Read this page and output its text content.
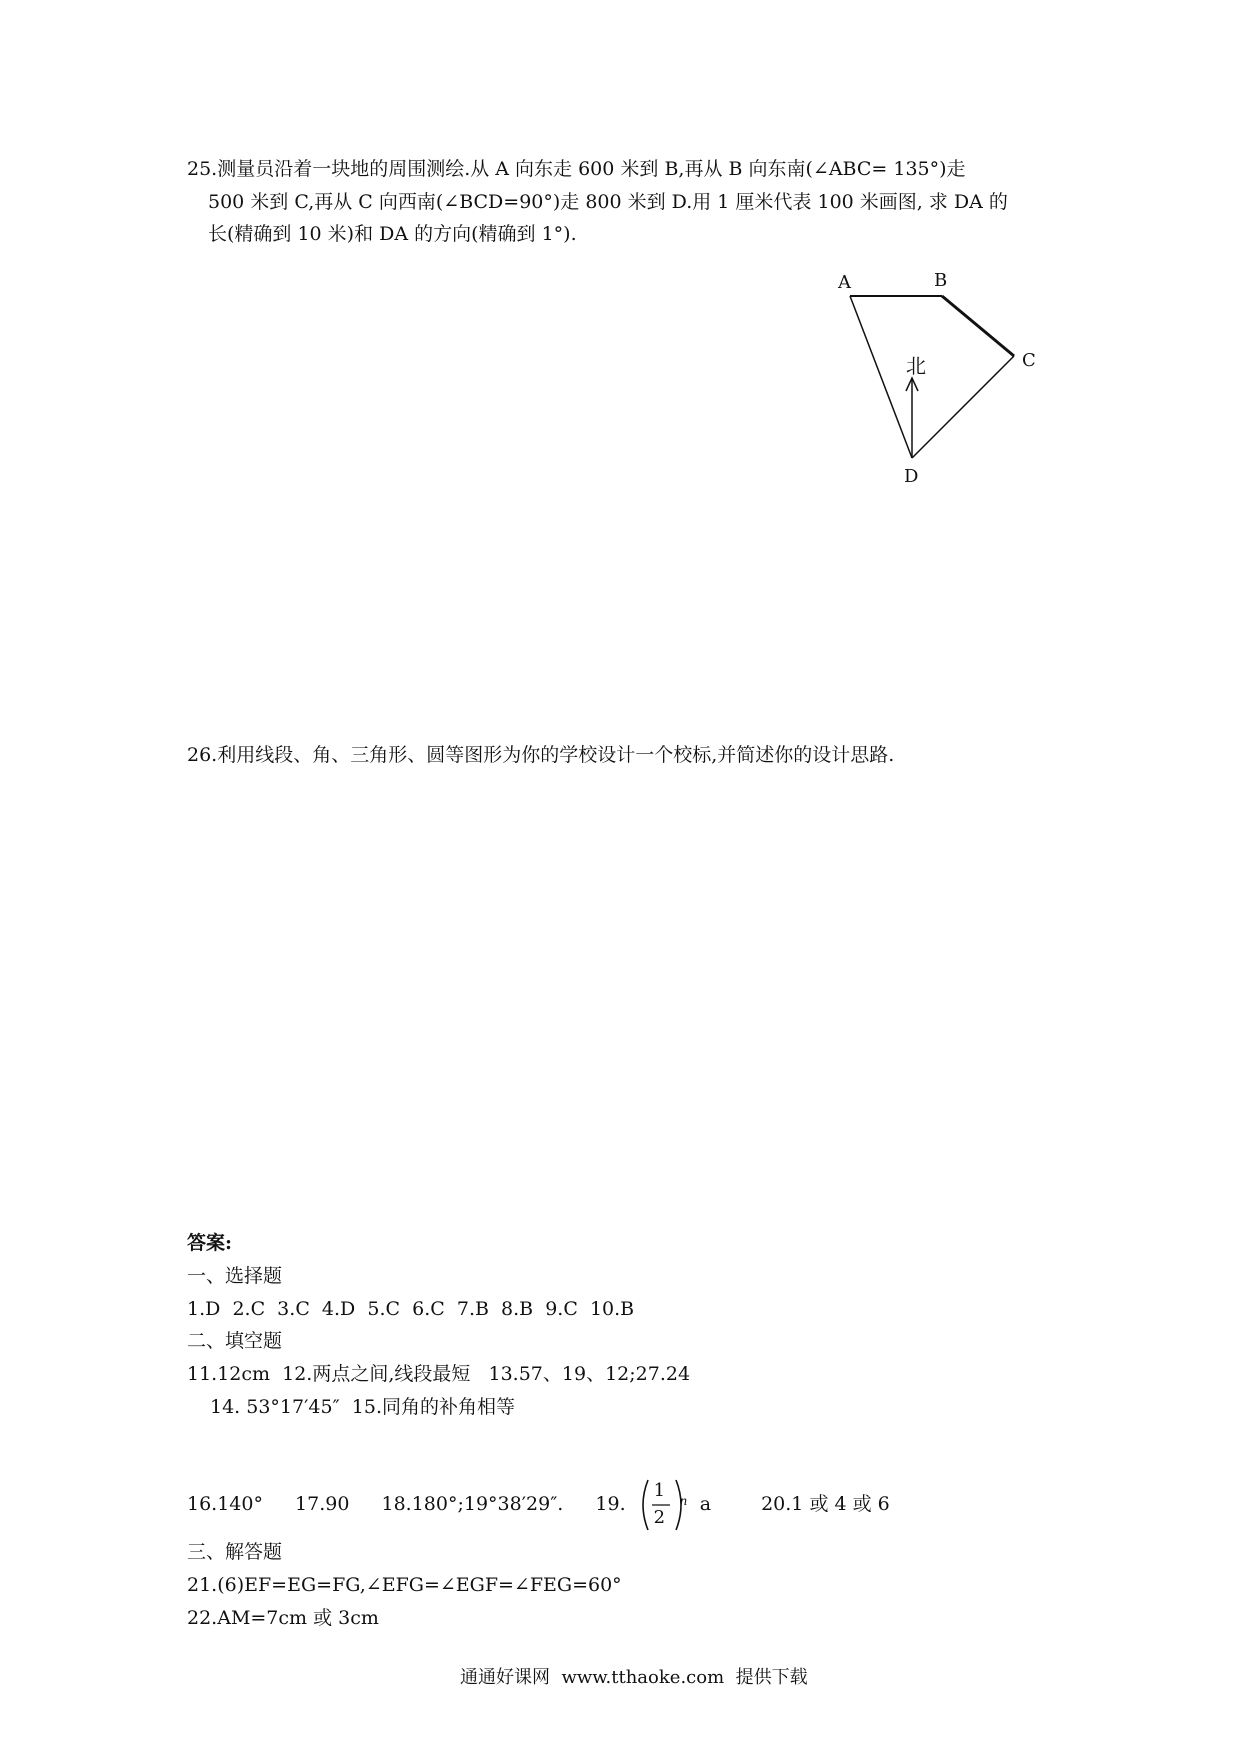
25.测量员沿着一块地的周围测绘.从 A 向东走 600 米到 B,再从 B 向东南(∠ABC= 135°)走
500 米到 C,再从 C 向西南(∠BCD=90°)走 800 米到 D.用 1 厘米代表 100 米画图, 求 DA 的
长(精确到 10 米)和 DA 的方向(精确到 1°).
A	B
C
D
北
26.利用线段、角、三角形、圆等图形为你的学校设计一个校标,并简述你的设计思路.
答案:
一、选择题
1.D  2.C  3.C  4.D  5.C  6.C  7.B  8.B  9.C  10.B
二、填空题
11.12cm  12.两点之间,线段最短   13.57、19、12;27.24
14. 53°17′45″  15.同角的补角相等
16.140° 17.90 18.180°;19°38′29″. 19.
1
2
n a	20.1 或 4 或 6
三、解答题
21.(6)EF=EG=FG,∠EFG=∠EGF=∠FEG=60°
22.AM=7cm 或 3cm
通通好课网  www.tthaoke.com  提供下载
